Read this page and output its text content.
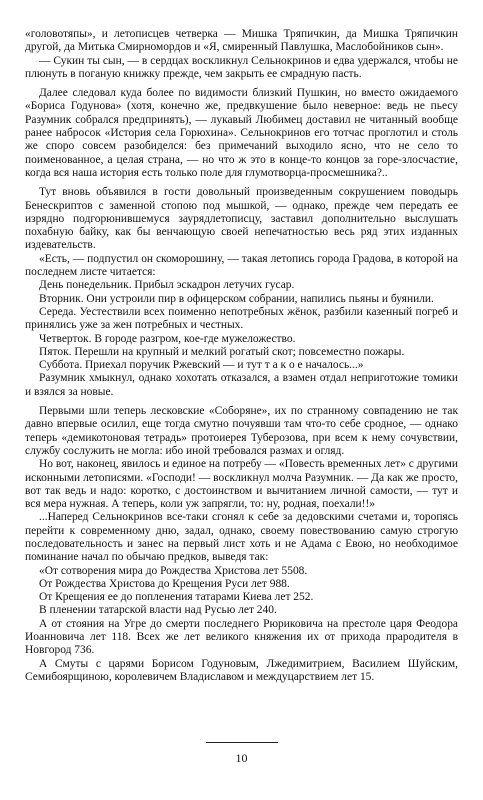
«головотяпы», и летописцев четверка — Мишка Тряпичкин, да Мишка Тряпичкин другой, да Митька Смирномордов и «Я, смиренный Павлушка, Маслобойников сын».

— Сукин ты сын, — в сердцах воскликнул Сельнокринов и едва удержался, чтобы не плюнуть в поганую книжку прежде, чем закрыть ее смрадную пасть.

Далее следовал куда более по видимости близкий Пушкин, но вместо ожидаемого «Бориса Годунова» (хотя, конечно же, предвкушение было неверное: ведь не пьесу Разумник собрался предпринять), — лукавый Любимец доставил не читанный вообще ранее набросок «История села Горюхина». Сельнокринов его тотчас проглотил и столь же споро совсем разобиделся: без примечаний выходило ясно, что не село то поименованное, а целая страна, — но что ж это в конце-то концов за горе-злосчастие, когда вся наша история есть только поле для глумотворца-просмешника?..

Тут вновь объявился в гости довольный произведенным сокрушением поводырь Бенескриптов с заменной стопою под мышкой, — однако, прежде чем передать ее изрядно подгорюнившемуся заурядлетописцу, заставил дополнительно выслушать похабную байку, как бы венчающую своей непечатностью весь ряд этих изданных издевательств.

«Есть, — подпустил он скоморошину, — такая летопись города Градова, в которой на последнем листе читается:

День понедельник. Прибыл эскадрон летучих гусар.

Вторник. Они устроили пир в офицерском собрании, напились пьяны и буянили.

Середа. Уестествили всех поименно непотребных жёнок, разбили казенный погреб и принялись уже за жен потребных и честных.

Четверток. В городе разгром, кое-где мужеложество.

Пяток. Перешли на крупный и мелкий рогатый скот; повсеместно пожары.

Суббота. Приехал поручик Ржевский — и тут т а к о е началось...»

Разумник хмыкнул, однако хохотать отказался, а взамен отдал неприготожие томики и взялся за новые.

Первыми шли теперь лесковские «Соборяне», их по странному совпадению не так давно впервые осилил, еще тогда смутно почуявши там что-то себе сродное, — однако теперь «демикотоновая тетрадь» протоиерея Туберозова, при всем к нему сочувствии, службу сослужить не могла: ибо иной требовался размах и огляд.

Но вот, наконец, явилось и единое на потребу — «Повесть временных лет» с другими исконными летописями. «Господи! — воскликнул молча Разумник. — Да как же просто, вот так ведь и надо: коротко, с достоинством и вычитанием личной самости, — тут и вся мера нужная. А теперь, коли уж запрягли, то: ну, родная, поехали!!»

...Наперед Сельнокринов все-таки сгонял к себе за дедовскими счетами и, торопясь перейти к современному дню, задал, однако, своему повествованию самую строгую последовательность и занес на первый лист хоть и не Адама с Евою, но необходимое поминание начал по обычаю предков, выведя так:

«От сотворения мира до Рождества Христова лет 5508.

От Рождества Христова до Крещения Руси лет 988.

От Крещения ее до попленения татарами Киева лет 252.

В пленении татарской власти над Русью лет 240.

А от стояния на Угре до смерти последнего Рюриковича на престоле царя Феодора Иоанновича лет 118. Всех же лет великого княжения их от прихода прародителя в Новгород 736.

А Смуты с царями Борисом Годуновым, Лжедимитрием, Василием Шуйским, Семибоярщиною, королевичем Владиславом и междуцарствием лет 15.

10
